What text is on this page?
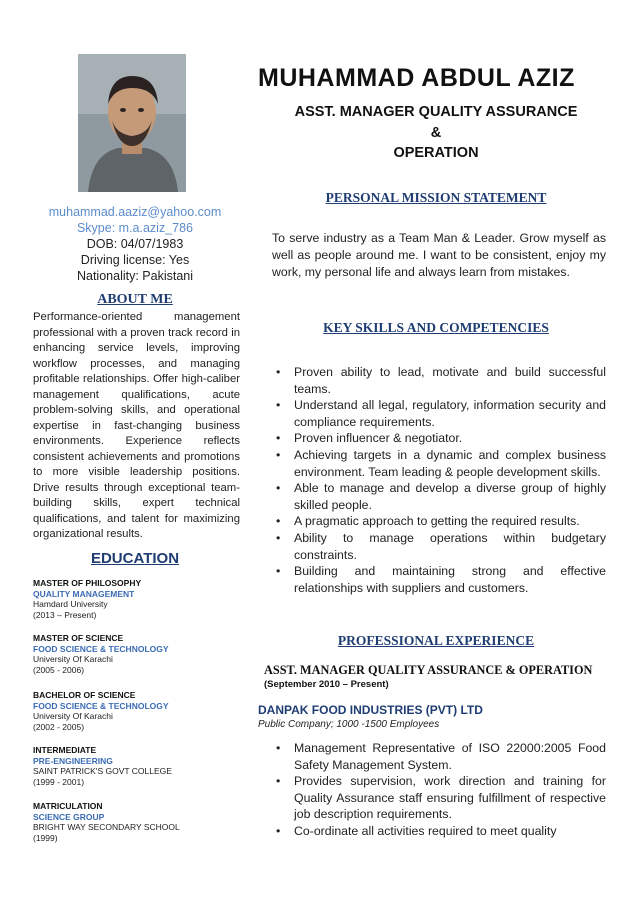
muhammad.aaziz@yahoo.com
Skype: m.a.aziz_786
DOB: 04/07/1983
Driving license: Yes
Nationality: Pakistani
ABOUT ME
Performance-oriented management professional with a proven track record in enhancing service levels, improving workflow processes, and managing profitable relationships. Offer high-caliber management qualifications, acute problem-solving skills, and operational expertise in fast-changing business environments. Experience reflects consistent achievements and promotions to more visible leadership positions. Drive results through exceptional team-building skills, expert technical qualifications, and talent for maximizing organizational results.
EDUCATION
MASTER OF PHILOSOPHY
QUALITY MANAGEMENT
Hamdard University
(2013 – Present)
MASTER OF SCIENCE
FOOD SCIENCE & TECHNOLOGY
University Of Karachi
(2005 - 2006)
BACHELOR OF SCIENCE
FOOD SCIENCE & TECHNOLOGY
University Of Karachi
(2002 - 2005)
INTERMEDIATE
PRE-ENGINEERING
SAINT PATRICK'S GOVT COLLEGE
(1999 - 2001)
MATRICULATION
SCIENCE GROUP
BRIGHT WAY SECONDARY SCHOOL
(1999)
MUHAMMAD ABDUL AZIZ
ASST. MANAGER QUALITY ASSURANCE
&
OPERATION
PERSONAL MISSION STATEMENT
To serve industry as a Team Man & Leader. Grow myself as well as people around me. I want to be consistent, enjoy my work, my personal life and always learn from mistakes.
KEY SKILLS AND COMPETENCIES
• Proven ability to lead, motivate and build successful teams.
• Understand all legal, regulatory, information security and compliance requirements.
• Proven influencer & negotiator.
• Achieving targets in a dynamic and complex business environment. Team leading & people development skills.
• Able to manage and develop a diverse group of highly skilled people.
• A pragmatic approach to getting the required results.
• Ability to manage operations within budgetary constraints.
• Building and maintaining strong and effective relationships with suppliers and customers.
PROFESSIONAL EXPERIENCE
ASST. MANAGER QUALITY ASSURANCE & OPERATION
(September 2010 – Present)
DANPAK FOOD INDUSTRIES (PVT) LTD
Public Company; 1000 -1500 Employees
• Management Representative of ISO 22000:2005 Food Safety Management System.
• Provides supervision, work direction and training for Quality Assurance staff ensuring fulfillment of respective job description requirements.
• Co-ordinate all activities required to meet quality
